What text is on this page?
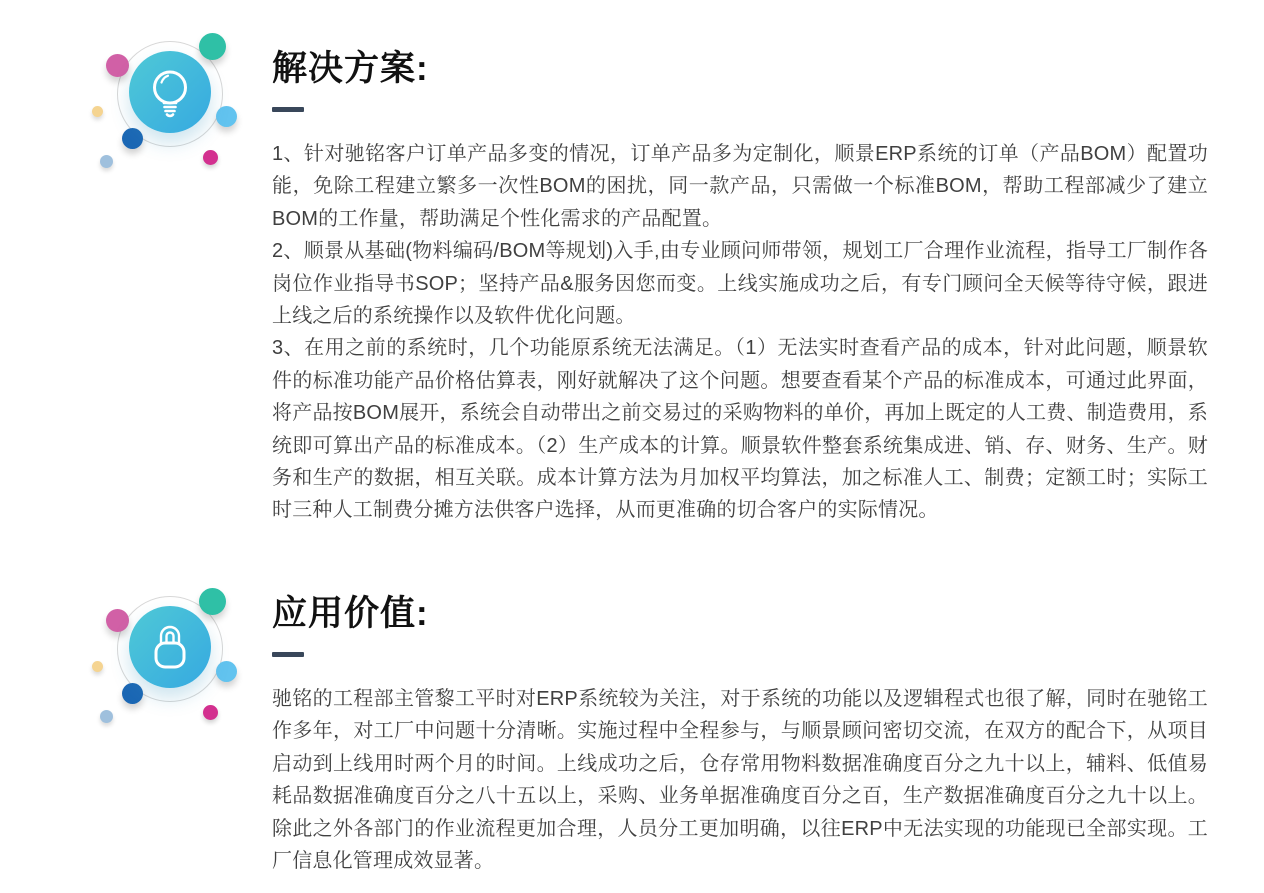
解决方案:

1、针对驰铭客户订单产品多变的情况，订单产品多为定制化，顺景ERP系统的订单（产品BOM）配置功能，免除工程建立繁多一次性BOM的困扰，同一款产品，只需做一个标准BOM，帮助工程部减少了建立BOM的工作量，帮助满足个性化需求的产品配置。

2、顺景从基础(物料编码/BOM等规划)入手,由专业顾问师带领，规划工厂合理作业流程，指导工厂制作各岗位作业指导书SOP；坚持产品&服务因您而变。上线实施成功之后，有专门顾问全天候等待守候，跟进上线之后的系统操作以及软件优化问题。

3、在用之前的系统时，几个功能原系统无法满足。（1）无法实时查看产品的成本，针对此问题，顺景软件的标准功能产品价格估算表，刚好就解决了这个问题。想要查看某个产品的标准成本，可通过此界面，将产品按BOM展开，系统会自动带出之前交易过的采购物料的单价，再加上既定的人工费、制造费用，系统即可算出产品的标准成本。（2）生产成本的计算。顺景软件整套系统集成进、销、存、财务、生产。财务和生产的数据，相互关联。成本计算方法为月加权平均算法，加之标准人工、制费；定额工时；实际工时三种人工制费分摊方法供客户选择，从而更准确的切合客户的实际情况。

应用价值:

驰铭的工程部主管黎工平时对ERP系统较为关注，对于系统的功能以及逻辑程式也很了解，同时在驰铭工作多年，对工厂中问题十分清晰。实施过程中全程参与，与顺景顾问密切交流，在双方的配合下，从项目启动到上线用时两个月的时间。上线成功之后，仓存常用物料数据准确度百分之九十以上，辅料、低值易耗品数据准确度百分之八十五以上，采购、业务单据准确度百分之百，生产数据准确度百分之九十以上。除此之外各部门的作业流程更加合理，人员分工更加明确，以往ERP中无法实现的功能现已全部实现。工厂信息化管理成效显著。
